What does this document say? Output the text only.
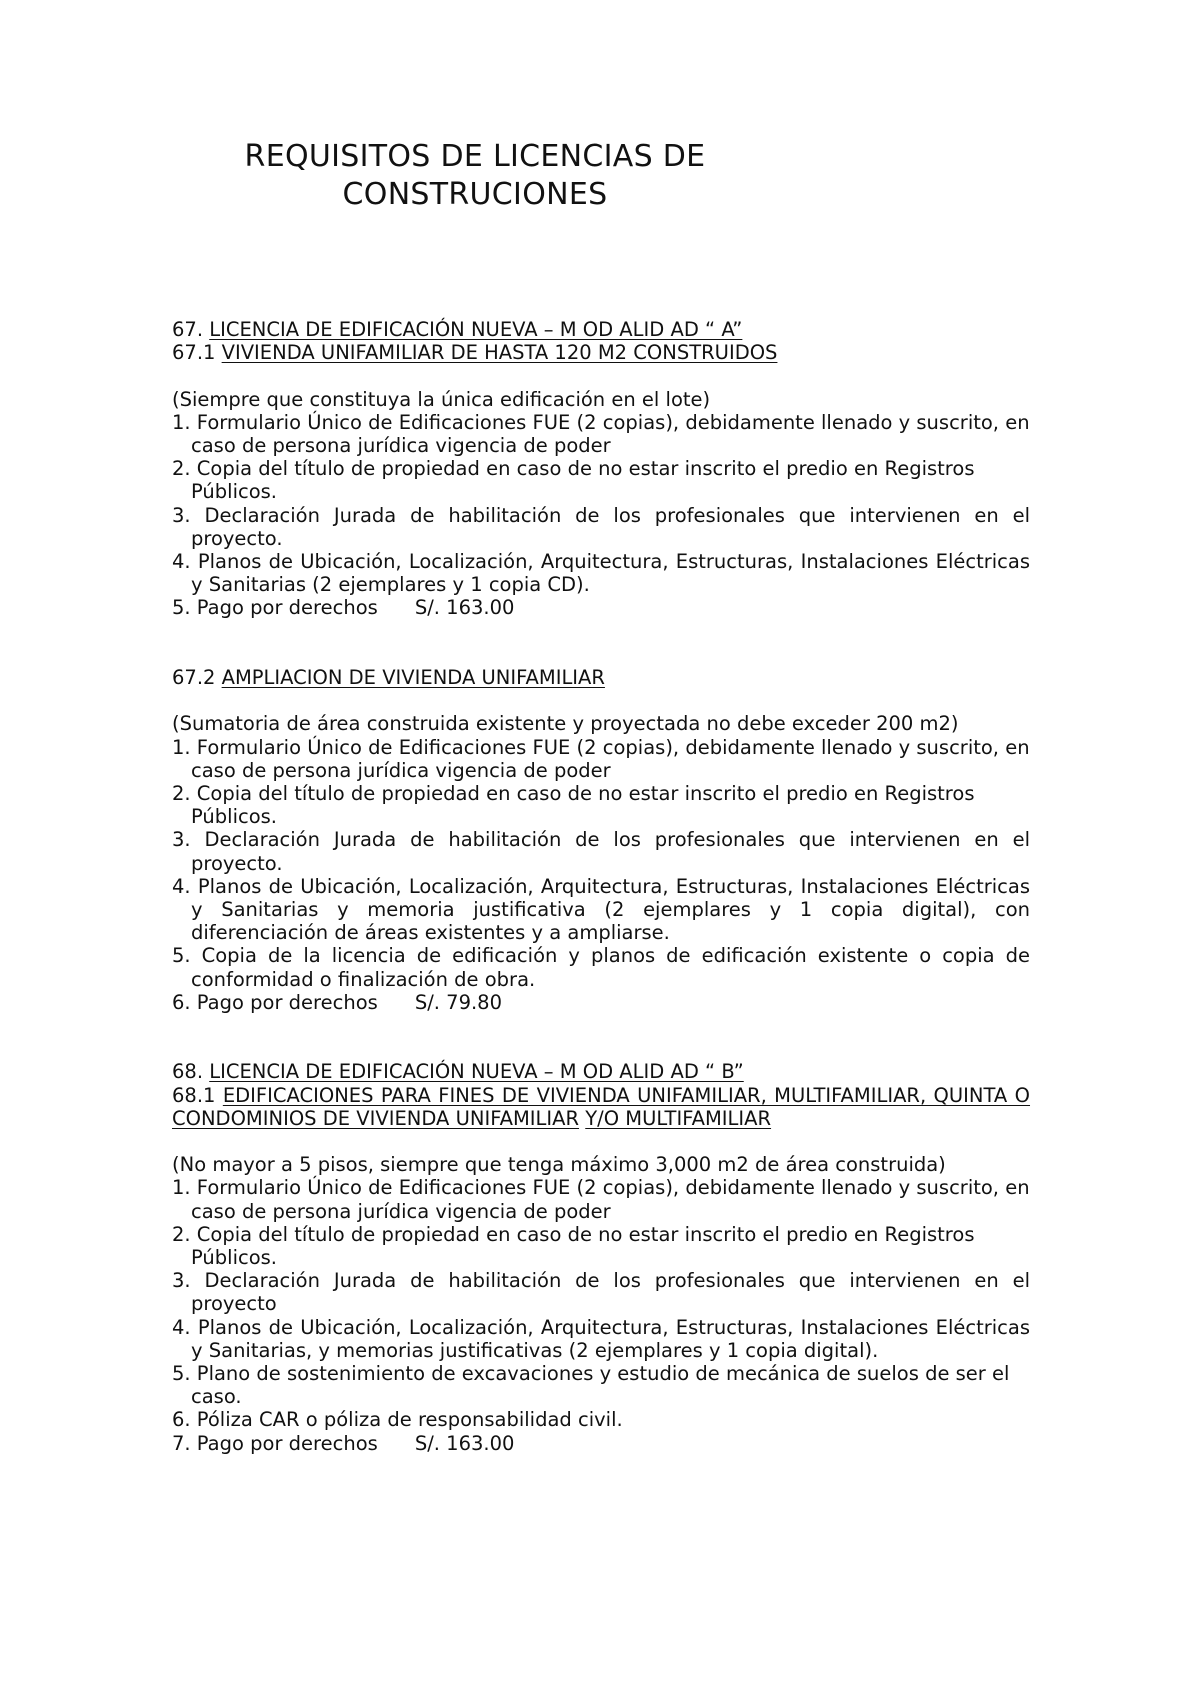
REQUISITOS DE LICENCIAS DE
CONSTRUCIONES

67. LICENCIA DE EDIFICACIÓN NUEVA – M OD ALID AD “ A”

67.1 VIVIENDA UNIFAMILIAR DE HASTA 120 M2 CONSTRUIDOS

(Siempre que constituya la única edificación en el lote)

1. Formulario Único de Edificaciones FUE (2 copias), debidamente llenado y suscrito, en caso de persona jurídica vigencia de poder
2. Copia del título de propiedad en caso de no estar inscrito el predio en Registros Públicos.
3. Declaración Jurada de habilitación de los profesionales que intervienen en el proyecto.
4. Planos de Ubicación, Localización, Arquitectura, Estructuras, Instalaciones Eléctricas y Sanitarias (2 ejemplares y 1 copia CD).
5. Pago por derechos S/. 163.00

67.2 AMPLIACION DE VIVIENDA UNIFAMILIAR

(Sumatoria de área construida existente y proyectada no debe exceder 200 m2)

1. Formulario Único de Edificaciones FUE (2 copias), debidamente llenado y suscrito, en caso de persona jurídica vigencia de poder
2. Copia del título de propiedad en caso de no estar inscrito el predio en Registros Públicos.
3. Declaración Jurada de habilitación de los profesionales que intervienen en el proyecto.
4. Planos de Ubicación, Localización, Arquitectura, Estructuras, Instalaciones Eléctricas y Sanitarias y memoria justificativa (2 ejemplares y 1 copia digital), con diferenciación de áreas existentes y a ampliarse.
5. Copia de la licencia de edificación y planos de edificación existente o copia de conformidad o finalización de obra.
6. Pago por derechos S/. 79.80

68. LICENCIA DE EDIFICACIÓN NUEVA – M OD ALID AD “ B”

68.1 EDIFICACIONES PARA FINES DE VIVIENDA UNIFAMILIAR, MULTIFAMILIAR, QUINTA O CONDOMINIOS DE VIVIENDA UNIFAMILIAR Y/O MULTIFAMILIAR

(No mayor a 5 pisos, siempre que tenga máximo 3,000 m2 de área construida)

1. Formulario Único de Edificaciones FUE (2 copias), debidamente llenado y suscrito, en caso de persona jurídica vigencia de poder
2. Copia del título de propiedad en caso de no estar inscrito el predio en Registros Públicos.
3. Declaración Jurada de habilitación de los profesionales que intervienen en el proyecto
4. Planos de Ubicación, Localización, Arquitectura, Estructuras, Instalaciones Eléctricas y Sanitarias, y memorias justificativas (2 ejemplares y 1 copia digital).
5. Plano de sostenimiento de excavaciones y estudio de mecánica de suelos de ser el caso.
6. Póliza CAR o póliza de responsabilidad civil.
7. Pago por derechos S/. 163.00
